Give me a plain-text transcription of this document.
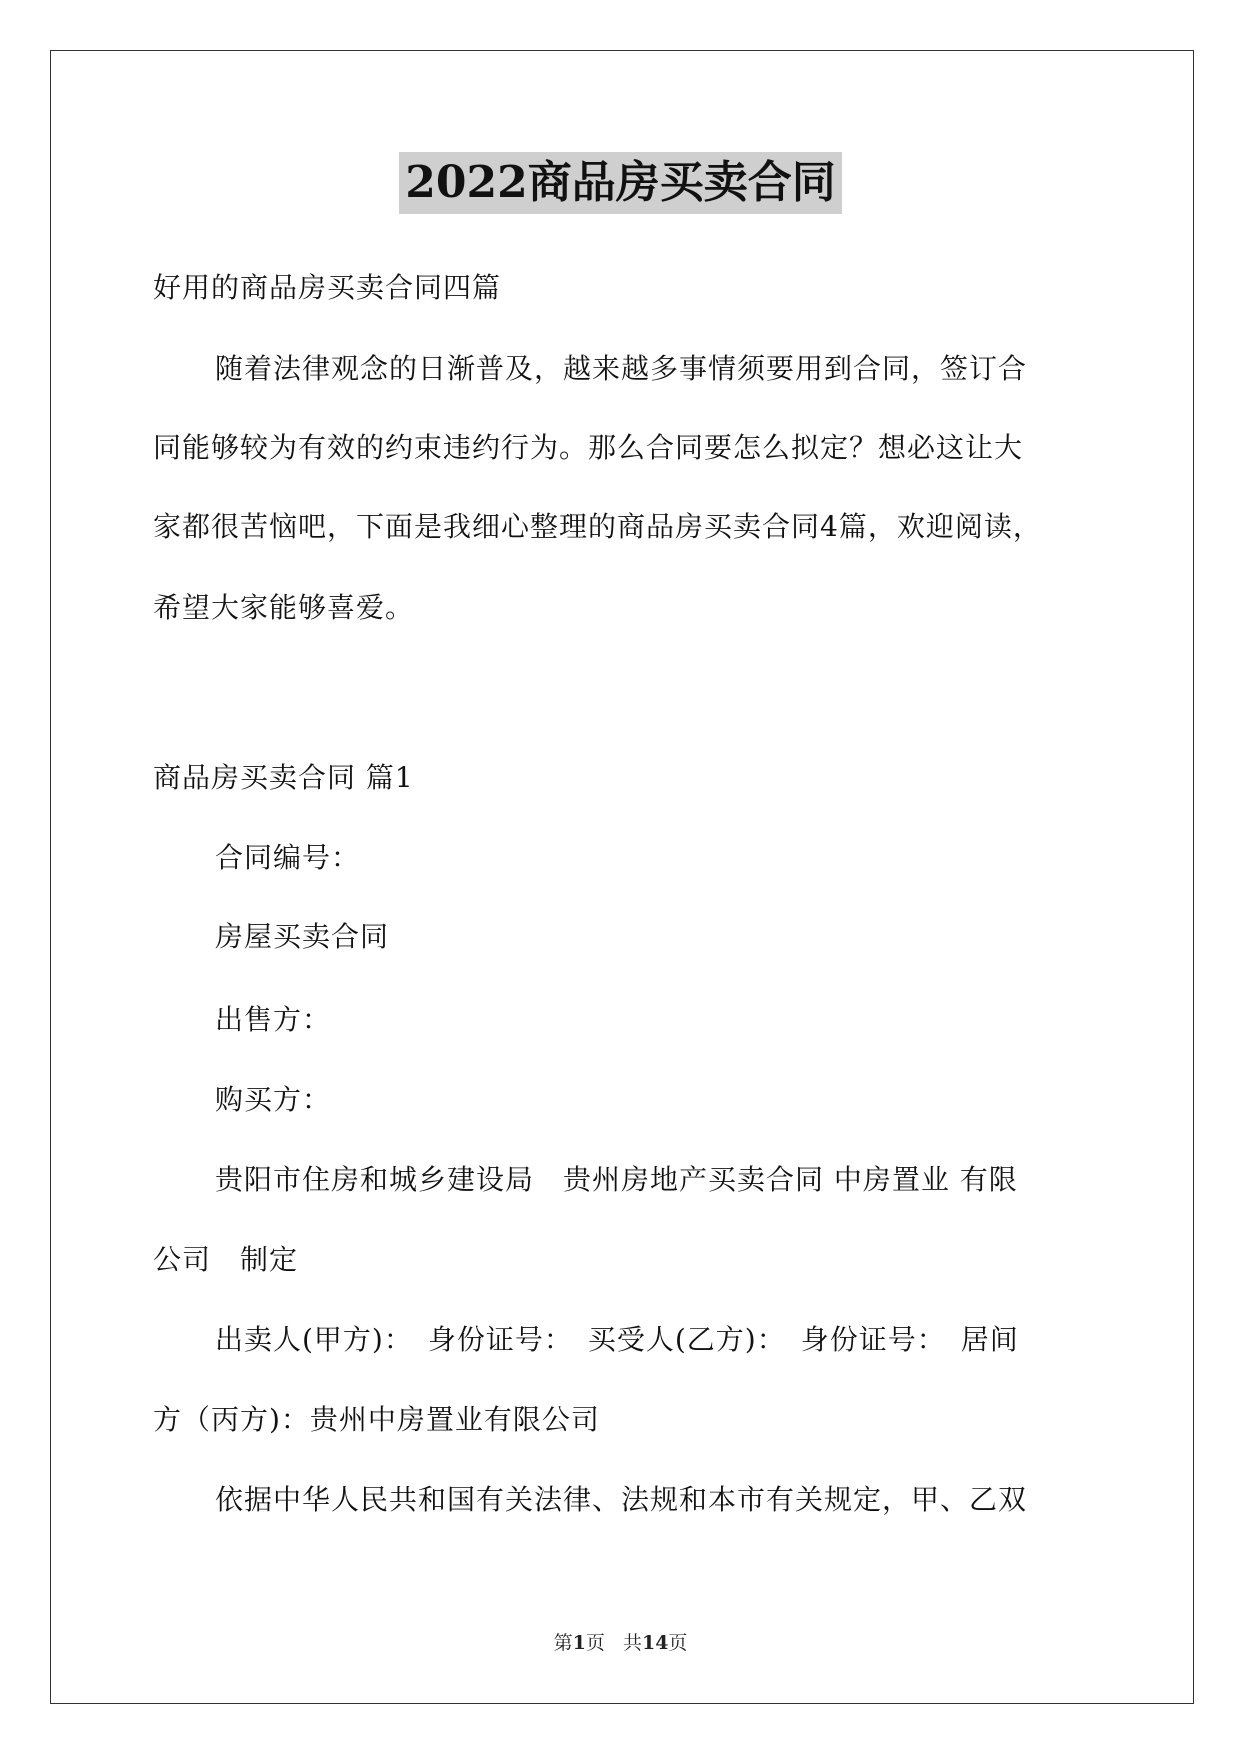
2022商品房买卖合同
好用的商品房买卖合同四篇
随着法律观念的日渐普及，越来越多事情须要用到合同，签订合
同能够较为有效的约束违约行为。那么合同要怎么拟定？想必这让大
家都很苦恼吧，下面是我细心整理的商品房买卖合同4篇，欢迎阅读，
希望大家能够喜爱。
商品房买卖合同 篇1
合同编号：
房屋买卖合同
出售方：
购买方：
贵阳市住房和城乡建设局　贵州房地产买卖合同 中房置业 有限
公司　制定
出卖人(甲方)：　身份证号：　买受人(乙方)：　身份证号：　居间
方（丙方)：贵州中房置业有限公司
依据中华人民共和国有关法律、法规和本市有关规定，甲、乙双
第1页 共14页
